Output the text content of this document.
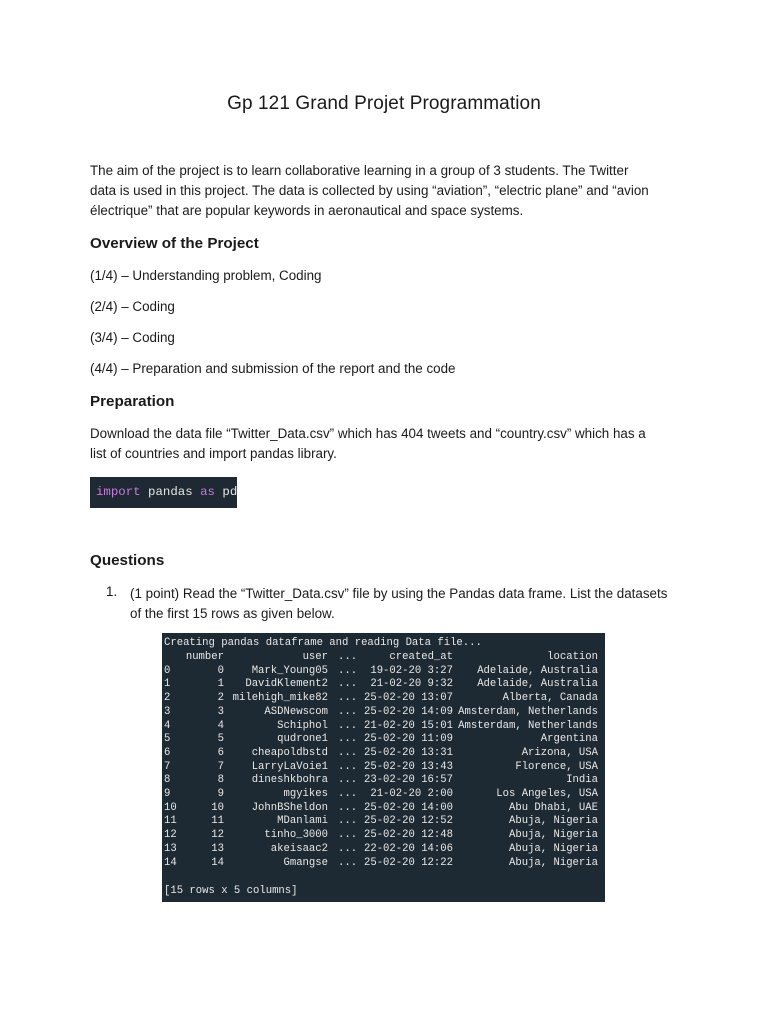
Gp 121 Grand Projet Programmation

The aim of the project is to learn collaborative learning in a group of 3 students. The Twitter
data is used in this project. The data is collected by using “aviation”, “electric plane” and “avion
électrique” that are popular keywords in aeronautical and space systems.

Overview of the Project

(1/4) – Understanding problem, Coding

(2/4) – Coding

(3/4) – Coding

(4/4) – Preparation and submission of the report and the code

Preparation

Download the data file “Twitter_Data.csv” which has 404 tweets and “country.csv” which has a

list of countries and import pandas library.

import pandas as pd
Questions
1. (1 point) Read the “Twitter_Data.csv” file by using the Pandas data frame. List the datasets
of the first 15 rows as given below.
Creating pandas dataframe and reading Data file...
[15 rows x 5 columns]
number	user ...	created_at	location
0	0	Mark_Young05 ...	19-02-20 3:27	Adelaide, Australia
1	1	DavidKlement2 ...	21-02-20 9:32	Adelaide, Australia
2	2 milehigh_mike82 ... 25-02-20 13:07	Alberta, Canada
3	3	ASDNewscom ... 25-02-20 14:09 Amsterdam, Netherlands
4	4	Schiphol ... 21-02-20 15:01 Amsterdam, Netherlands
5	5	qudrone1 ... 25-02-20 11:09	Argentina
6	6	cheapoldbstd ... 25-02-20 13:31	Arizona, USA
7	7	LarryLaVoie1 ... 25-02-20 13:43	Florence, USA
8	8	dineshkbohra ... 23-02-20 16:57	India
9	9	mgyikes ...	21-02-20 2:00	Los Angeles, USA
10	10	JohnBSheldon ... 25-02-20 14:00	Abu Dhabi, UAE
11	11	MDanlami ... 25-02-20 12:52	Abuja, Nigeria
12	12	tinho_3000 ... 25-02-20 12:48	Abuja, Nigeria
13	13	akeisaac2 ... 22-02-20 14:06	Abuja, Nigeria
14	14	Gmangse ... 25-02-20 12:22	Abuja, Nigeria
